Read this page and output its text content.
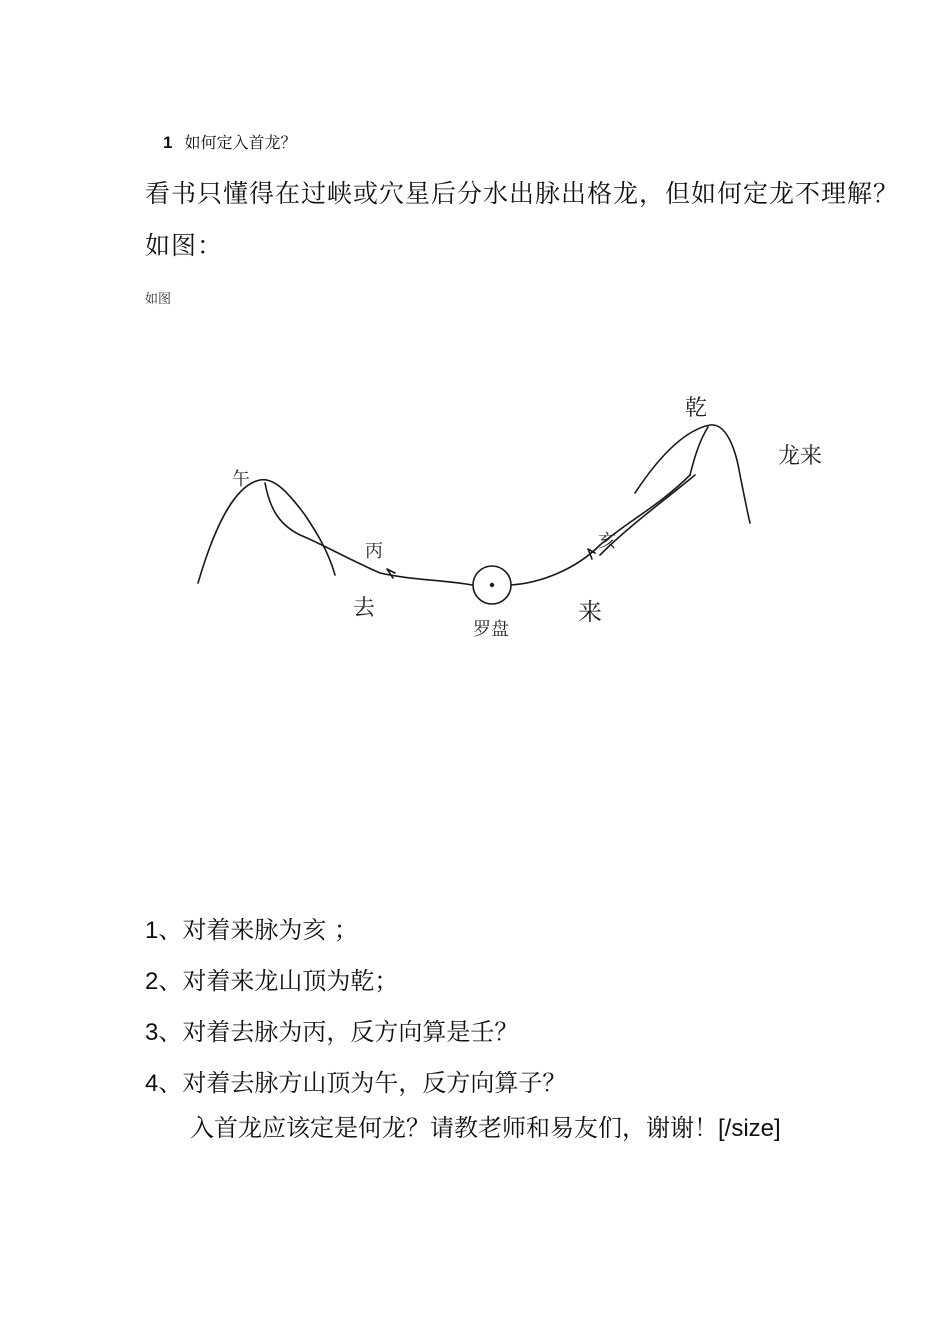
1 如何定入首龙？
看书只懂得在过峡或穴星后分水出脉出格龙，但如何定龙不理解？如图：
如图
午
丙
去
罗盘
亥
来
乾
龙来
1、对着来脉为亥 ；
2、对着来龙山顶为乾；
3、对着去脉为丙，反方向算是壬？
4、对着去脉方山顶为午，反方向算子？
入首龙应该定是何龙？请教老师和易友们，谢谢！[/size]
